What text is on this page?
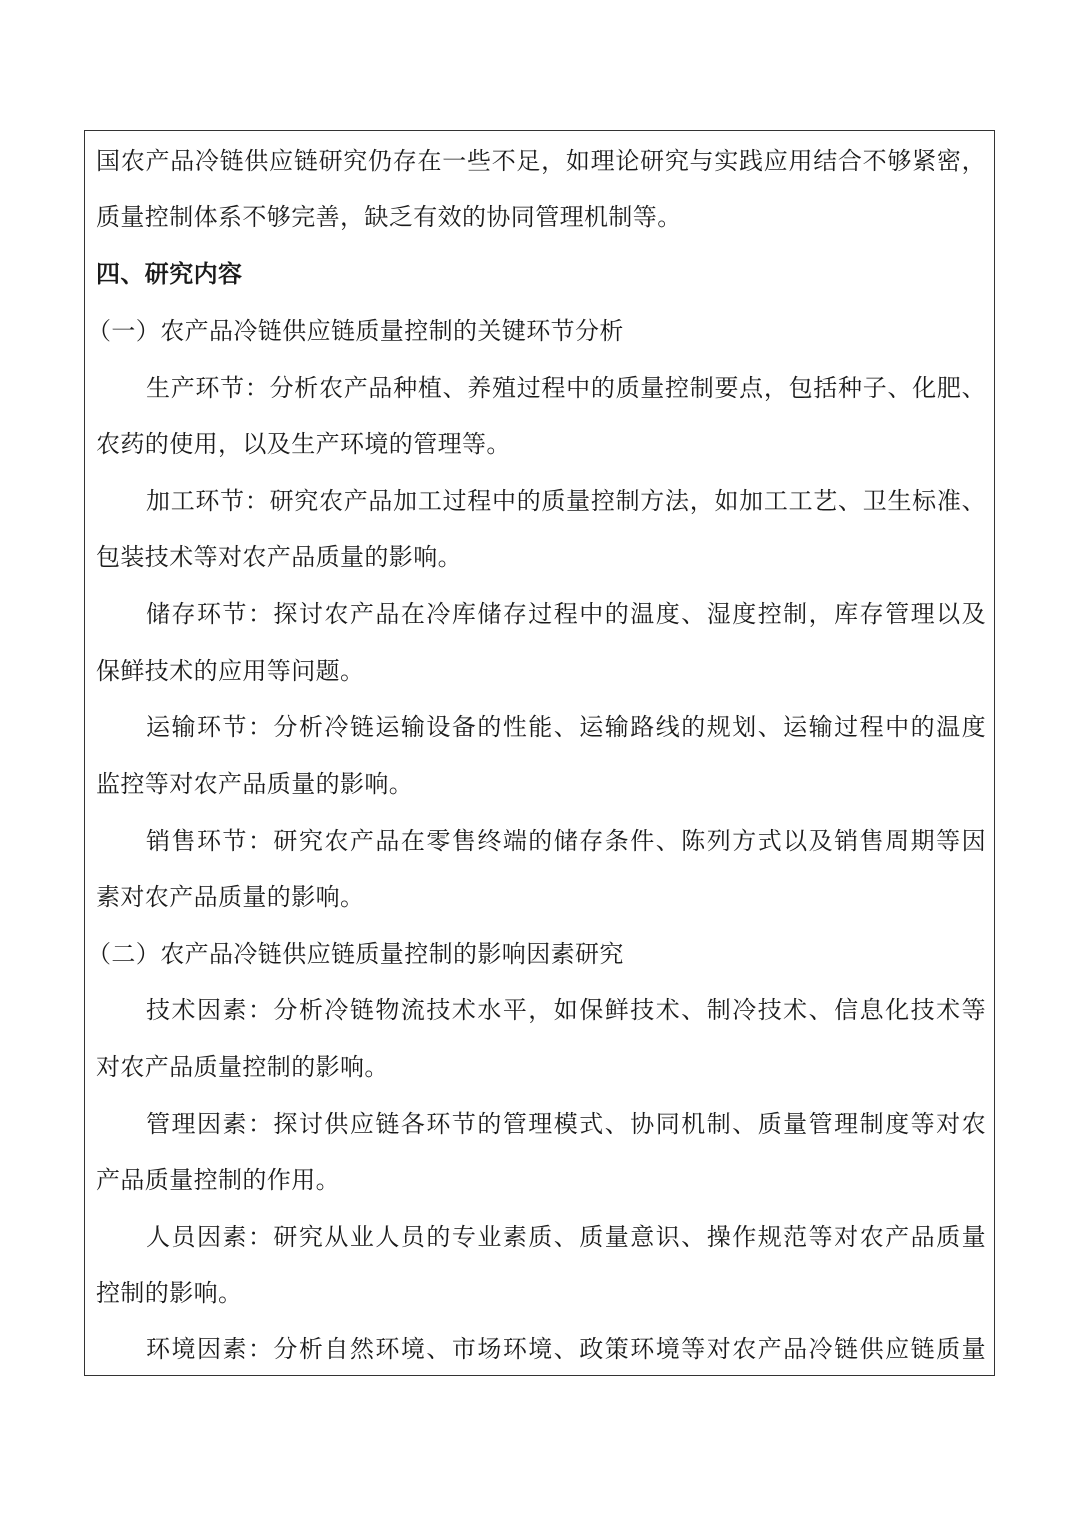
国农产品冷链供应链研究仍存在一些不足，如理论研究与实践应用结合不够紧密，
质量控制体系不够完善，缺乏有效的协同管理机制等。
四、研究内容
（一）农产品冷链供应链质量控制的关键环节分析
生产环节：分析农产品种植、养殖过程中的质量控制要点，包括种子、化肥、
农药的使用，以及生产环境的管理等。
加工环节：研究农产品加工过程中的质量控制方法，如加工工艺、卫生标准、
包装技术等对农产品质量的影响。
储存环节：探讨农产品在冷库储存过程中的温度、湿度控制，库存管理以及
保鲜技术的应用等问题。
运输环节：分析冷链运输设备的性能、运输路线的规划、运输过程中的温度
监控等对农产品质量的影响。
销售环节：研究农产品在零售终端的储存条件、陈列方式以及销售周期等因
素对农产品质量的影响。
（二）农产品冷链供应链质量控制的影响因素研究
技术因素：分析冷链物流技术水平，如保鲜技术、制冷技术、信息化技术等
对农产品质量控制的影响。
管理因素：探讨供应链各环节的管理模式、协同机制、质量管理制度等对农
产品质量控制的作用。
人员因素：研究从业人员的专业素质、质量意识、操作规范等对农产品质量
控制的影响。
环境因素：分析自然环境、市场环境、政策环境等对农产品冷链供应链质量
